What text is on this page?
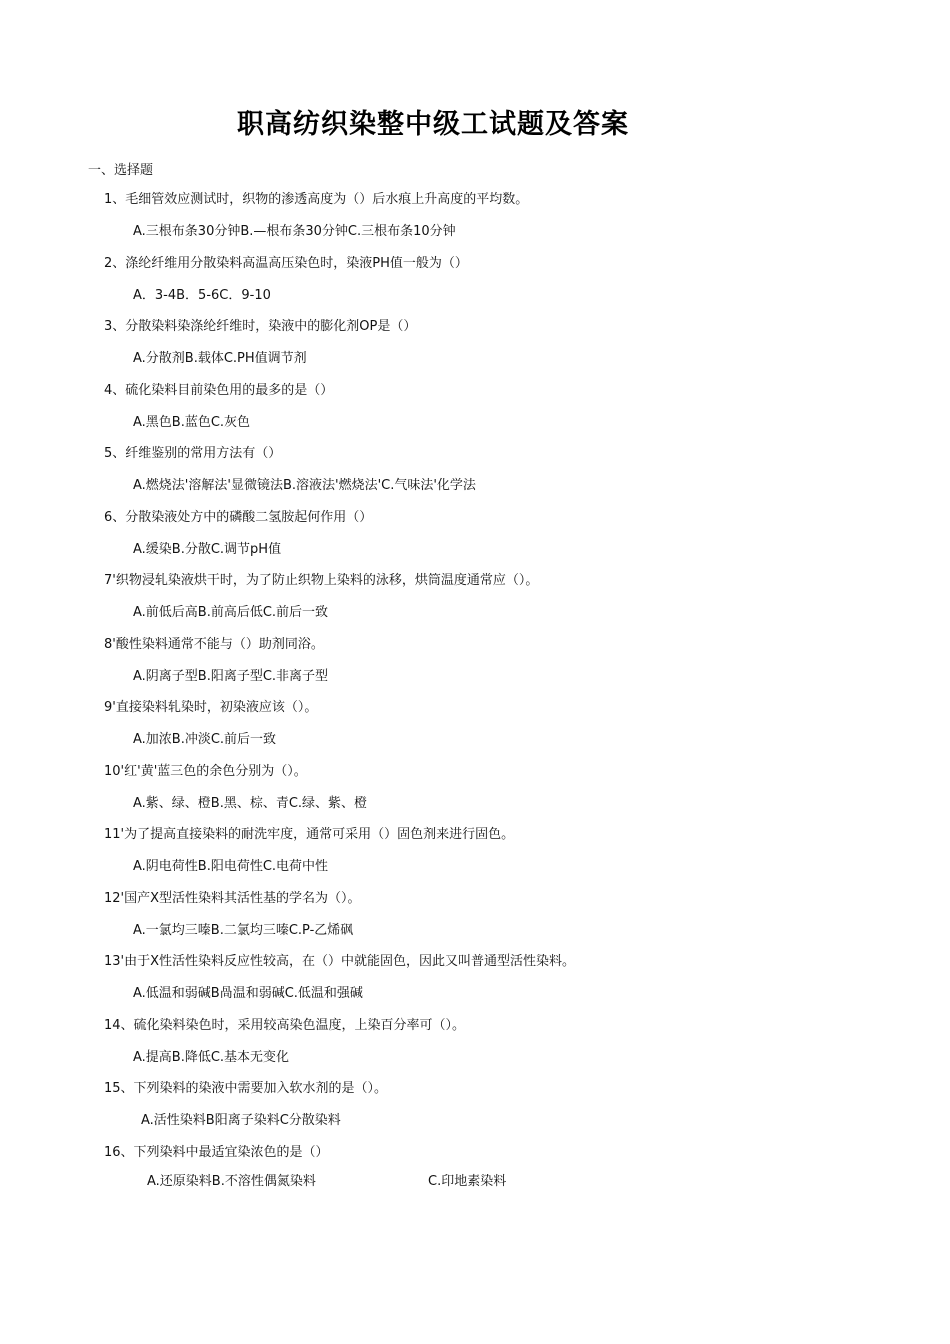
职高纺织染整中级工试题及答案
一、选择题
1、毛细管效应测试时，织物的渗透高度为（）后水痕上升高度的平均数。
A.三根布条30分钟B.—根布条30分钟C.三根布条10分钟
2、涤纶纤维用分散染料高温高压染色时，染液PH值一般为（）
A．3-4B．5-6C．9-10
3、分散染料染涤纶纤维时，染液中的膨化剂OP是（）
A.分散剂B.载体C.PH值调节剂
4、硫化染料目前染色用的最多的是（）
A.黑色B.蓝色C.灰色
5、纤维鉴别的常用方法有（）
A.燃烧法'溶解法'显微镜法B.溶液法'燃烧法'C.气味法'化学法
6、分散染液处方中的磷酸二氢胺起何作用（）
A.缓染B.分散C.调节pH值
7'织物浸轧染液烘干时，为了防止织物上染料的泳移，烘筒温度通常应（）。
A.前低后高B.前高后低C.前后一致
8'酸性染料通常不能与（）助剂同浴。
A.阴离子型B.阳离子型C.非离子型
9'直接染料轧染时，初染液应该（）。
A.加浓B.冲淡C.前后一致
10'红'黄'蓝三色的余色分别为（）。
A.紫、绿、橙B.黑、棕、青C.绿、紫、橙
11'为了提高直接染料的耐洗牢度，通常可采用（）固色剂来进行固色。
A.阴电荷性B.阳电荷性C.电荷中性
12'国产X型活性染料其活性基的学名为（）。
A.一氯均三嗪B.二氯均三嗪C.P-乙烯砜
13'由于X性活性染料反应性较高，在（）中就能固色，因此又叫普通型活性染料。
A.低温和弱碱B咼温和弱碱C.低温和强碱
14、硫化染料染色时，采用较高染色温度，上染百分率可（）。
A.提高B.降低C.基本无变化
15、下列染料的染液中需要加入软水剂的是（）。
A.活性染料B阳离子染料C分散染料
16、下列染料中最适宜染浓色的是（）
A.还原染料B.不溶性偶氮染料	C.印地素染料
